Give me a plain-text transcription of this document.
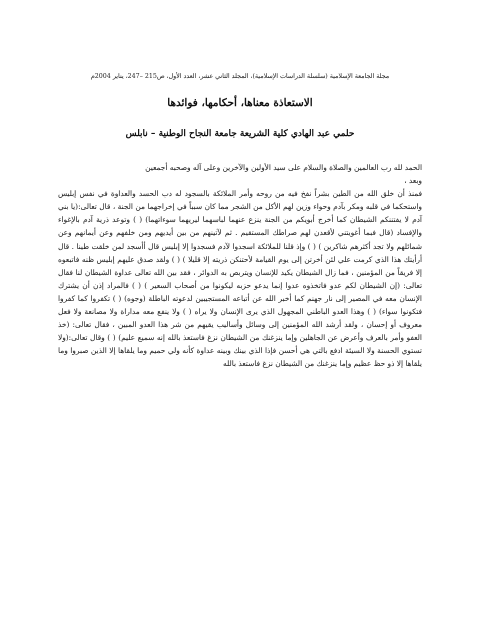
مجلة الجامعة الإسلامية (سلسلة الدراسات الإسلامية)، المجلد الثاني عشر، العدد الأول، ص215 –247، يناير 2004م
الاستعاذة معناها، أحكامها، فوائدها
حلمي عبد الهادي كلية الشريعة جامعة النجاح الوطنية – نابلس

الحمد لله رب العالمين والصلاة والسلام على سيد الأولين والآخرين وعلى آله وصحبه أجمعين

وبعد ،

فمنذ أن خلق الله من الطين بشراً نفخ فيه من روحه وأمر الملائكة بالسجود له دب الحسد والعداوة في نفس إبليس واستحكما في قلبه ومكر بآدم وحواء وزين لهم الأكل من الشجر مما كان سبباً في إخراجهما من الجنة ، قال تعالى:(يا بني آدم لا يفتننكم الشيطان كما أخرج أبويكم من الجنة ينزع عنهما لباسهما ليريهما سوءاتهما) ( ) وتوعد ذرية آدم بالإغواء والإفساد (قال فبما أغويتني لأقعدن لهم صراطك المستقيم . ثم لآتينهم من بين أيديهم ومن خلفهم وعن أيمانهم وعن شمائلهم ولا تجد أكثرهم شاكرين ) ( ) وإذ قلنا للملائكة اسجدوا لآدم فسجدوا إلا إبليس قال أأسجد لمن خلقت طينا . قال أرأيتك هذا الذي كرمت علي لئن أخرتن إلى يوم القيامة لأحتنكن ذريته إلا قليلا ) ( ) ولقد صدق عليهم إبليس ظنه فاتبعوه إلا فريقاً من المؤمنين ، فما زال الشيطان يكيد للإنسان ويتربص به الدوائر ، فقد بين الله تعالى عداوة الشيطان لنا فقال تعالى: (إن الشيطان لكم عدو فاتخذوه عدوا إنما يدعو حزبه ليكونوا من أصحاب السعير ) ( ) فالمراد إذن أن يشترك الإنسان معه في المصير إلى نار جهنم كما أخبر الله عن أتباعه المستجيبين لدعوته الباطلة (وجوه) ( ) تكفروا كما كفروا فتكونوا سواء) ( ) وهذا العدو الباطني المجهول الذي يرى الإنسان ولا يراه ( ) ولا ينفع معه مداراة ولا مصانعة ولا فعل معروف أو إحسان ، ولقد أرشد الله المؤمنين إلى وسائل وأساليب يقيهم من شر هذا العدو المبين ، فقال تعالى: (خذ العفو وأمر بالعرف وأعرض عن الجاهلين وإما ينزغنك من الشيطان نزغ فاستعذ بالله إنه سميع عليم) ( ) وقال تعالى:(ولا تستوي الحسنة ولا السيئة ادفع بالتي هي أحسن فإذا الذي بينك وبينه عداوة كأنه ولي حميم وما يلقاها إلا الذين صبروا وما يلقاها إلا ذو حظ عظيم وإما ينزغنك من الشيطان نزغ فاستعذ بالله
